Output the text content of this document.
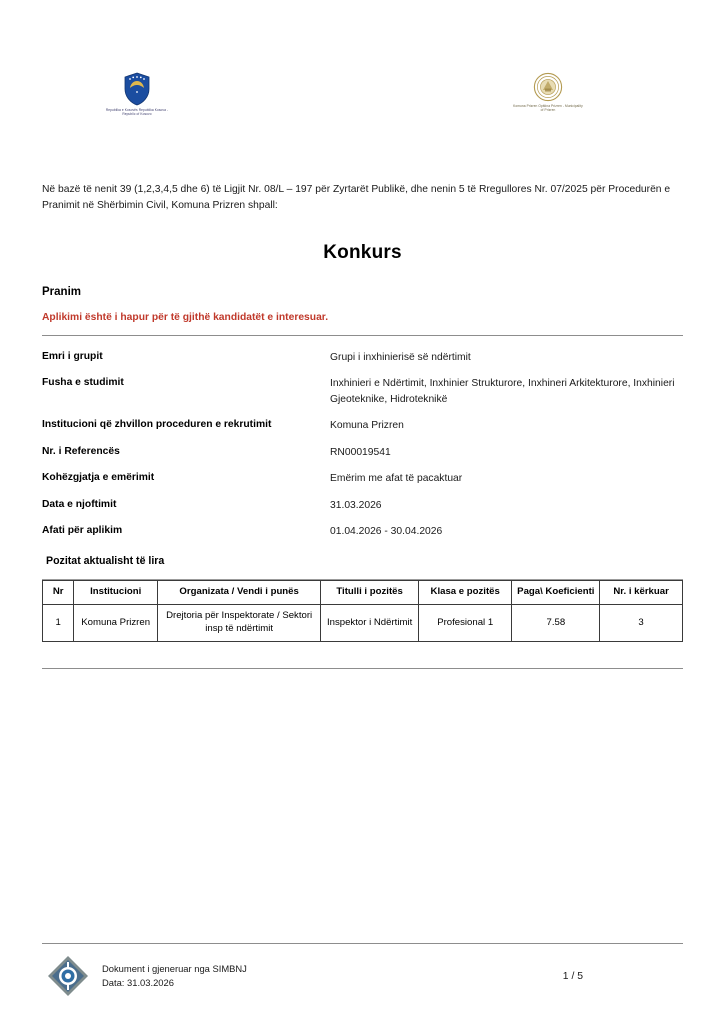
Republika e Kosovës Republika Kosova - Republic of Kosovo
Komuna Prizren Opština Prizren - Municipality of Prizren
Në bazë të nenit 39 (1,2,3,4,5 dhe 6) të Ligjit Nr. 08/L – 197 për Zyrtarët Publikë, dhe nenin 5 të Rregullores Nr. 07/2025 për Procedurën e Pranimit në Shërbimin Civil, Komuna Prizren shpall:
Konkurs
Pranim
Aplikimi është i hapur për të gjithë kandidatët e interesuar.
Emri i grupit	Grupi i inxhinierisë së ndërtimit
Fusha e studimit	Inxhinieri e Ndërtimit, Inxhinier Strukturore, Inxhineri Arkitekturore, Inxhinieri Gjeoteknike, Hidroteknikë
Institucioni që zhvillon proceduren e rekrutimit	Komuna Prizren
Nr. i Referencës	RN00019541
Kohëzgjatja e emërimit	Emërim me afat të pacaktuar
Data e njoftimit	31.03.2026
Afati për aplikim	01.04.2026 - 30.04.2026
Pozitat aktualisht të lira
Nr	Institucioni	Organizata / Vendi i punës	Titulli i pozitës	Klasa e pozitës	Paga\ Koeficienti	Nr. i kërkuar
1	Komuna Prizren	Drejtoria për Inspektorate / Sektori insp të ndërtimit	Inspektor i Ndërtimit	Profesional 1	7.58	3
Dokument i gjeneruar nga SIMBNJ
Data: 31.03.2026
1 / 5
